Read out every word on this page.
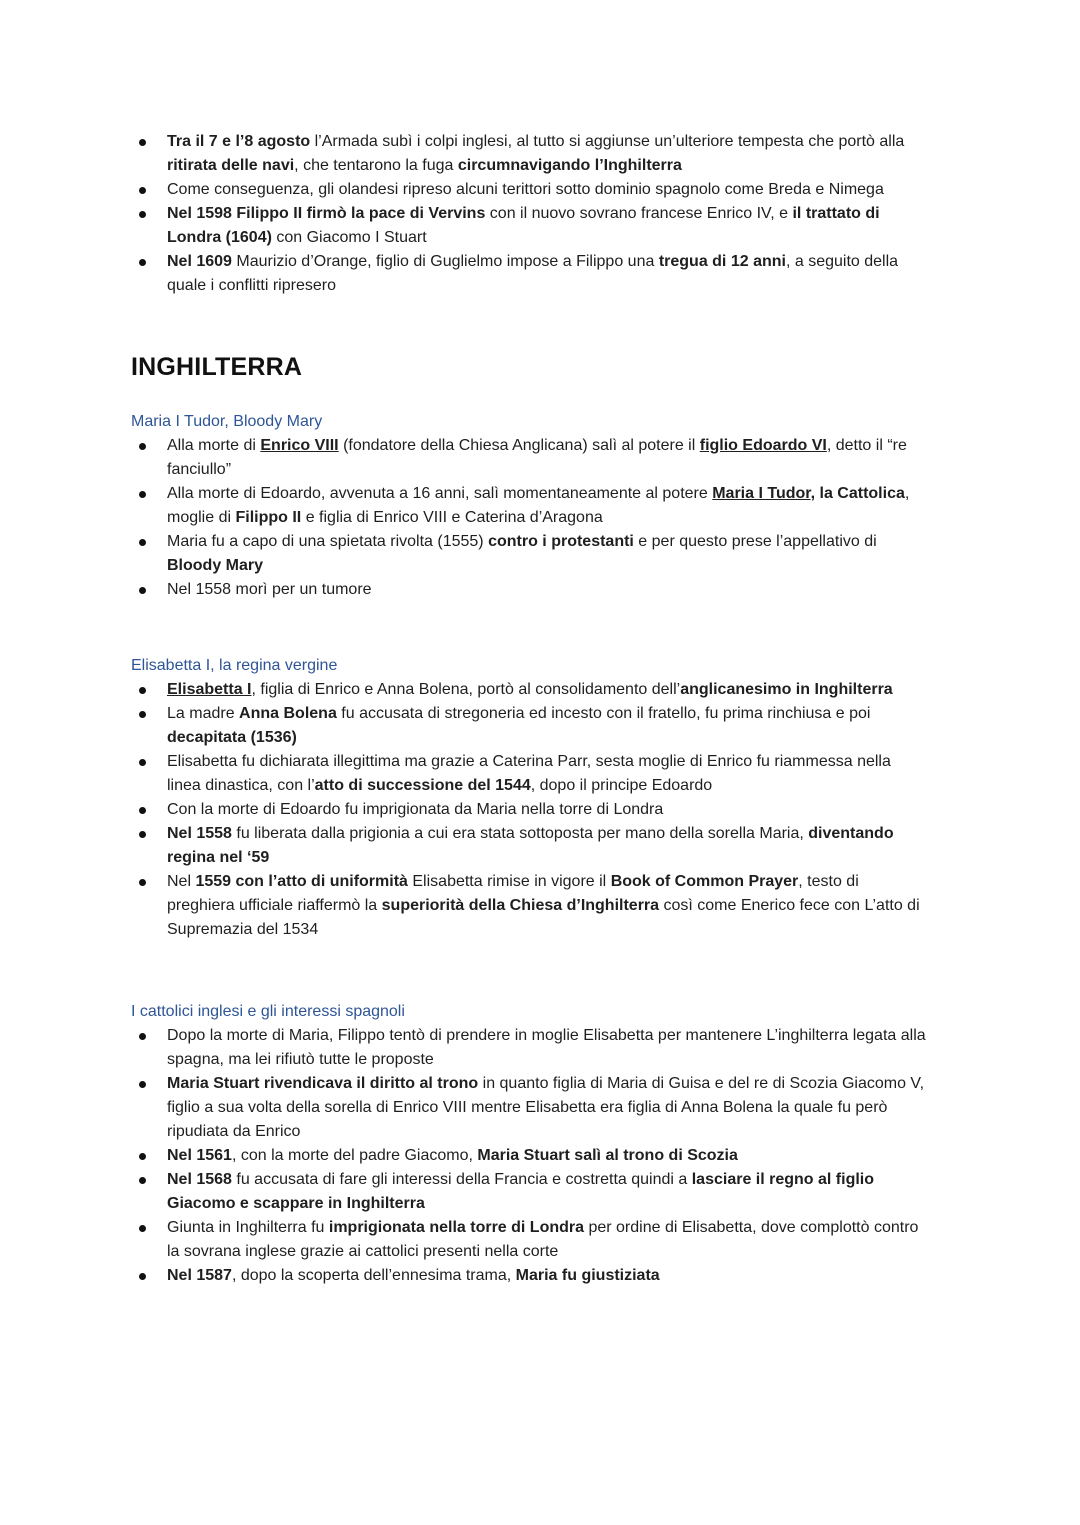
Tra il 7 e l’8 agosto l’Armada subì i colpi inglesi, al tutto si aggiunse un’ulteriore tempesta che portò alla ritirata delle navi, che tentarono la fuga circumnavigando l’Inghilterra
Come conseguenza, gli olandesi ripreso alcuni terittori sotto dominio spagnolo come Breda e Nimega
Nel 1598 Filippo II firmò la pace di Vervins con il nuovo sovrano francese Enrico IV, e il trattato di Londra (1604) con Giacomo I Stuart
Nel 1609 Maurizio d’Orange, figlio di Guglielmo impose a Filippo una tregua di 12 anni, a seguito della quale i conflitti ripresero
INGHILTERRA
Maria I Tudor, Bloody Mary
Alla morte di Enrico VIII (fondatore della Chiesa Anglicana) salì al potere il figlio Edoardo VI, detto il “re fanciullo”
Alla morte di Edoardo, avvenuta a 16 anni, salì momentaneamente al potere Maria I Tudor, la Cattolica, moglie di Filippo II e figlia di Enrico VIII e Caterina d’Aragona
Maria fu a capo di una spietata rivolta (1555) contro i protestanti e per questo prese l’appellativo di Bloody Mary
Nel 1558 morì per un tumore
Elisabetta I, la regina vergine
Elisabetta I, figlia di Enrico e Anna Bolena, portò al consolidamento dell’anglicanesimo in Inghilterra
La madre Anna Bolena fu accusata di stregoneria ed incesto con il fratello, fu prima rinchiusa e poi decapitata (1536)
Elisabetta fu dichiarata illegittima ma grazie a Caterina Parr, sesta moglie di Enrico fu riammessa nella linea dinastica, con l’atto di successione del 1544, dopo il principe Edoardo
Con la morte di Edoardo fu imprigionata da Maria nella torre di Londra
Nel 1558 fu liberata dalla prigionia a cui era stata sottoposta per mano della sorella Maria, diventando regina nel ‘59
Nel 1559 con l’atto di uniformità Elisabetta rimise in vigore il Book of Common Prayer, testo di preghiera ufficiale riaffermò la superiorità della Chiesa d’Inghilterra così come Enerico fece con L’atto di Supremazia del 1534
I cattolici inglesi e gli interessi spagnoli
Dopo la morte di Maria, Filippo tentò di prendere in moglie Elisabetta per mantenere L’inghilterra legata alla spagna, ma lei rifiutò tutte le proposte
Maria Stuart rivendicava il diritto al trono in quanto figlia di Maria di Guisa e del re di Scozia Giacomo V, figlio a sua volta della sorella di Enrico VIII mentre Elisabetta era figlia di Anna Bolena la quale fu però ripudiata da Enrico
Nel 1561, con la morte del padre Giacomo, Maria Stuart salì al trono di Scozia
Nel 1568 fu accusata di fare gli interessi della Francia e costretta quindi a lasciare il regno al figlio Giacomo e scappare in Inghilterra
Giunta in Inghilterra fu imprigionata nella torre di Londra per ordine di Elisabetta, dove complottò contro la sovrana inglese grazie ai cattolici presenti nella corte
Nel 1587, dopo la scoperta dell’ennesima trama, Maria fu giustiziata
